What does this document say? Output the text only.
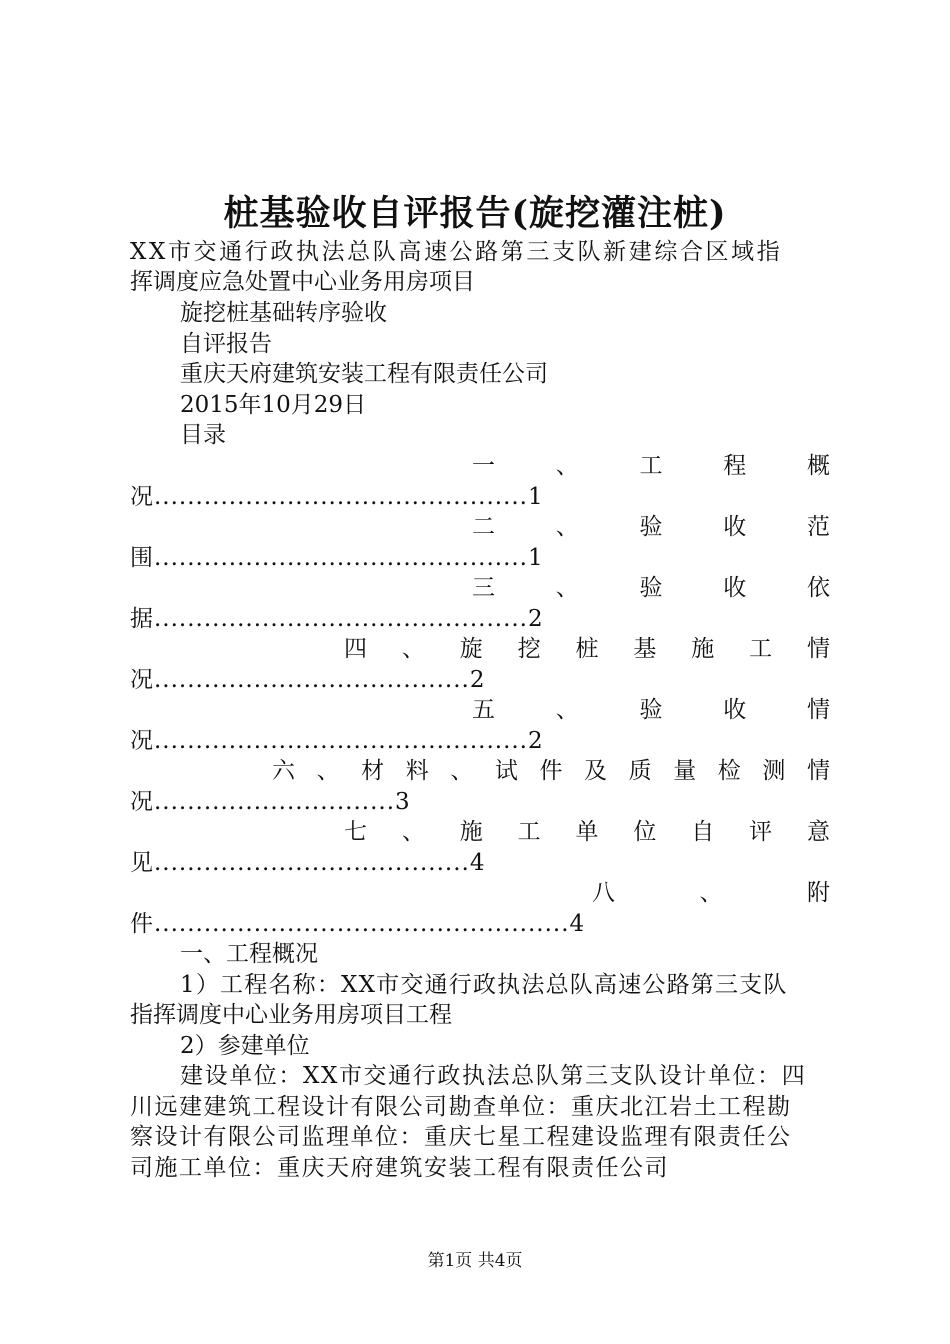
桩基验收自评报告(旋挖灌注桩)
XX市交通行政执法总队高速公路第三支队新建综合区域指
挥调度应急处置中心业务用房项目
旋挖桩基础转序验收
自评报告
重庆天府建筑安装工程有限责任公司
2015年10月29日
目录
一	、	工	程	概
况.............................................1
二	、	验	收	范
围.............................................1
三	、	验	收	依
据.............................................2
四 、 旋 挖 桩 基 施 工 情
况......................................2
五	、	验	收	情
况.............................................2
六 、 材 料 、 试 件 及 质 量 检 测 情
况.............................3
七 、 施 工 单 位 自 评 意
见......................................4
八	、	附
件..................................................4
一、工程概况
1）工程名称：XX市交通行政执法总队高速公路第三支队
指挥调度中心业务用房项目工程
2）参建单位
建设单位：XX市交通行政执法总队第三支队设计单位：四
川远建建筑工程设计有限公司勘查单位：重庆北江岩土工程勘
察设计有限公司监理单位：重庆七星工程建设监理有限责任公
司施工单位：重庆天府建筑安装工程有限责任公司
第1页 共4页
